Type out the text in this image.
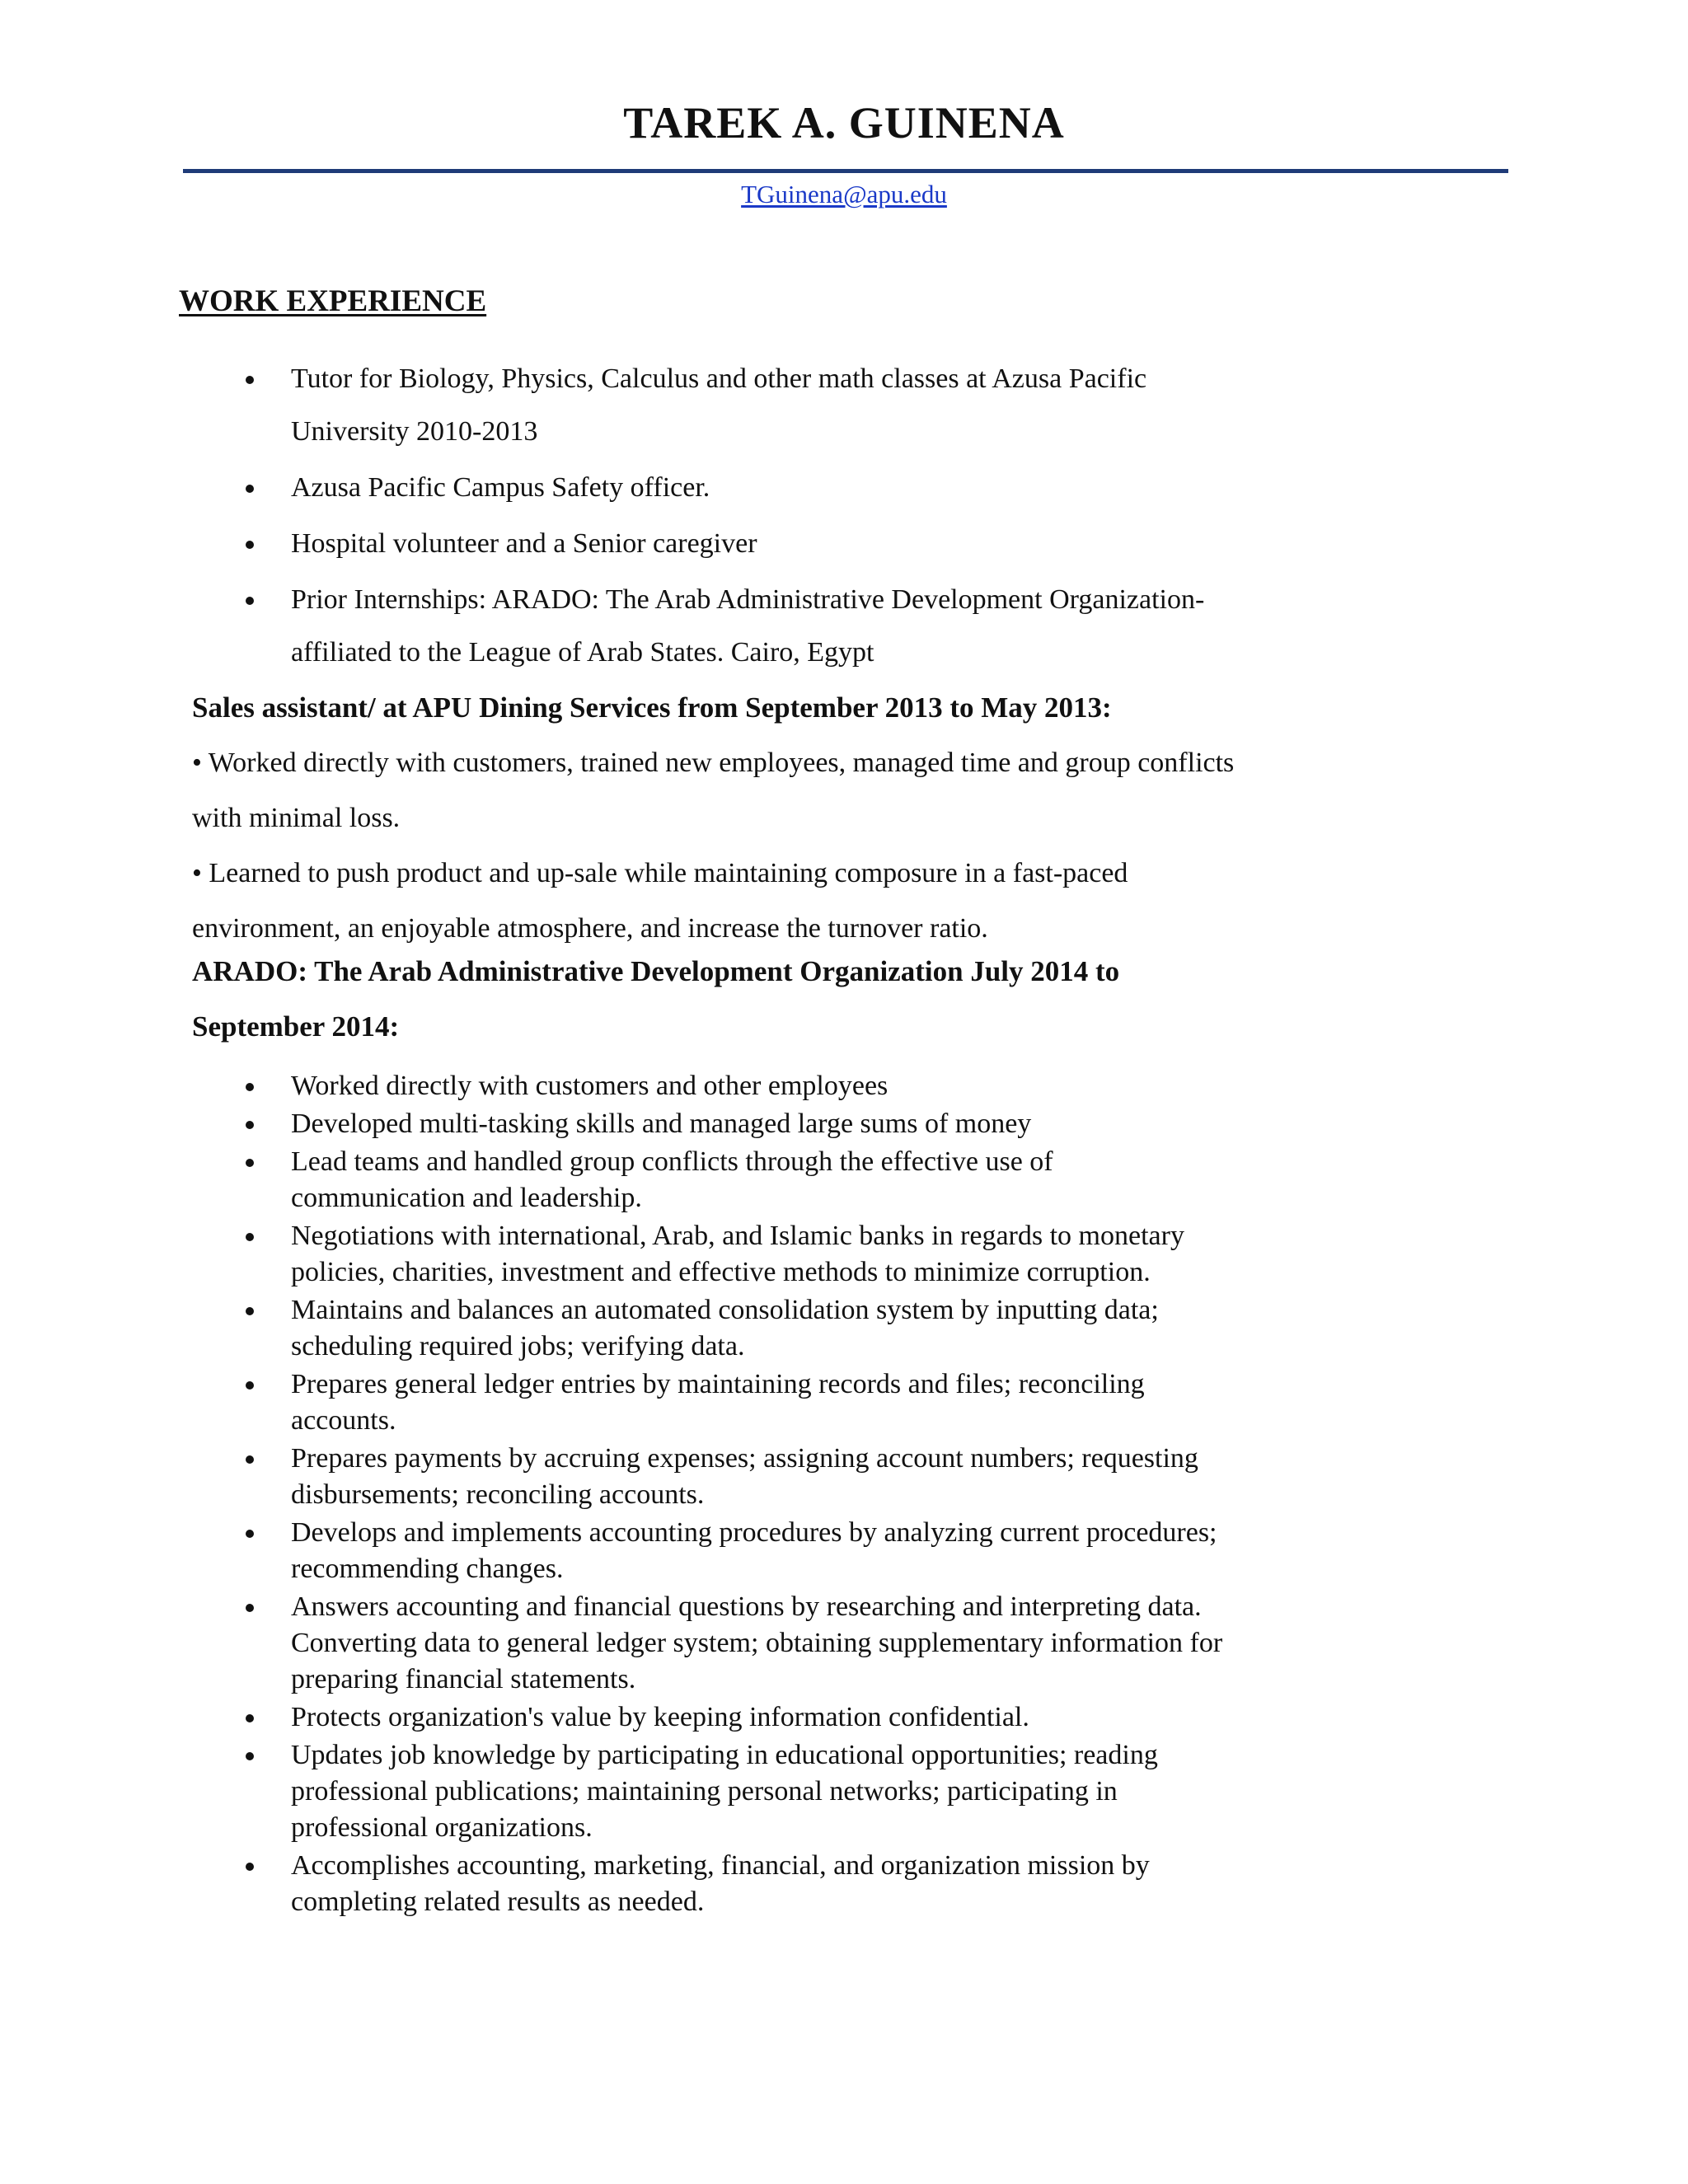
TAREK A. GUINENA
TGuinena@apu.edu
WORK EXPERIENCE
Tutor for Biology, Physics, Calculus and other math classes at Azusa Pacific University 2010-2013
Azusa Pacific Campus Safety officer.
Hospital volunteer and a Senior caregiver
Prior Internships: ARADO: The Arab Administrative Development Organization- affiliated to the League of Arab States. Cairo, Egypt

Sales assistant/ at APU Dining Services from September 2013 to May 2013:

• Worked directly with customers, trained new employees, managed time and group conflicts with minimal loss.

• Learned to push product and up-sale while maintaining composure in a fast-paced environment, an enjoyable atmosphere, and increase the turnover ratio.

ARADO: The Arab Administrative Development Organization July 2014 to September 2014:

Worked directly with customers and other employees
Developed multi-tasking skills and managed large sums of money
Lead teams and handled group conflicts through the effective use of communication and leadership.
Negotiations with international, Arab, and Islamic banks in regards to monetary policies, charities, investment and effective methods to minimize corruption.
Maintains and balances an automated consolidation system by inputting data; scheduling required jobs; verifying data.
Prepares general ledger entries by maintaining records and files; reconciling accounts.
Prepares payments by accruing expenses; assigning account numbers; requesting disbursements; reconciling accounts.
Develops and implements accounting procedures by analyzing current procedures; recommending changes.
Answers accounting and financial questions by researching and interpreting data.
Converting data to general ledger system; obtaining supplementary information for preparing financial statements.
Protects organization's value by keeping information confidential.
Updates job knowledge by participating in educational opportunities; reading professional publications; maintaining personal networks; participating in professional organizations.
Accomplishes accounting, marketing, financial, and organization mission by completing related results as needed.
